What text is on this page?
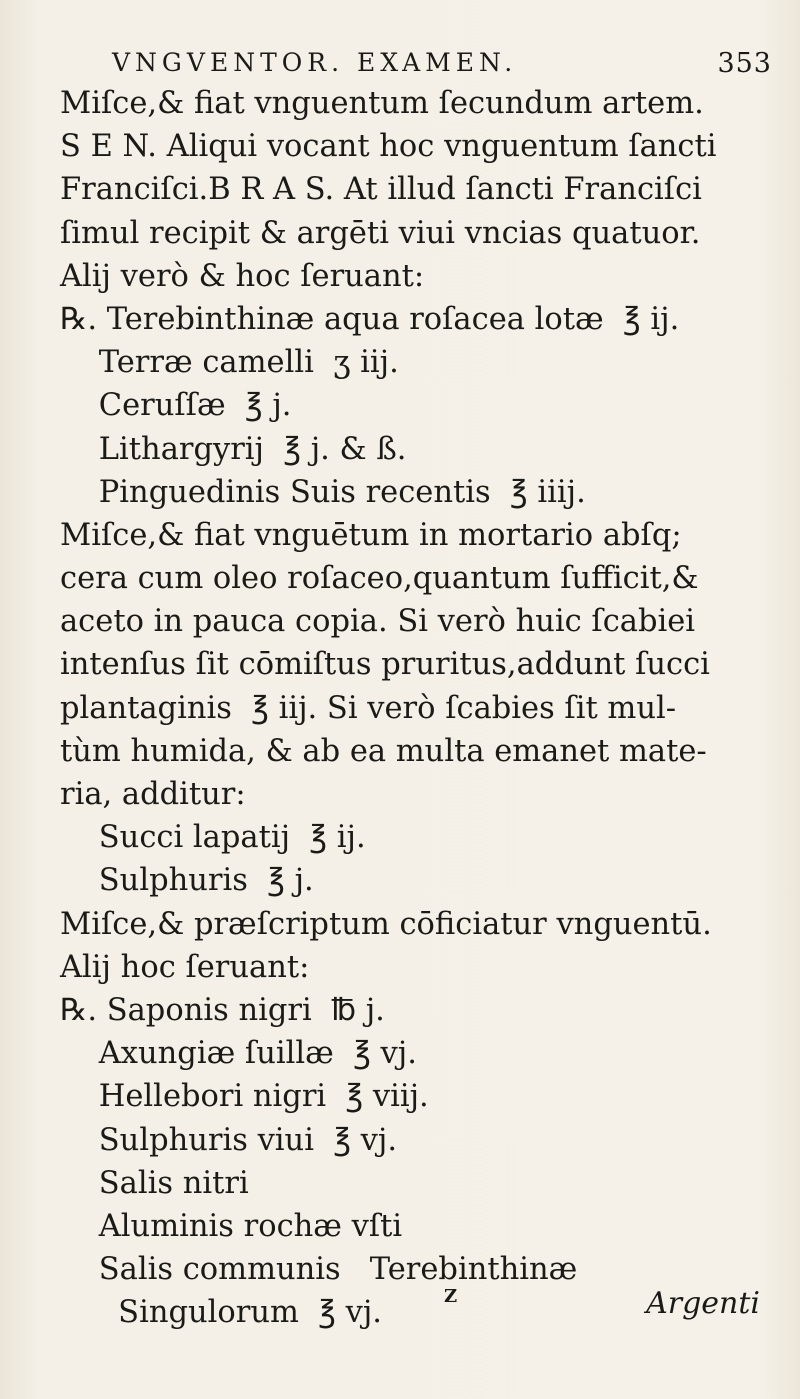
VNGVENTOR. EXAMEN.	353
Miſce,& fiat vnguentum ſecundum artem.
S E N. Aliqui vocant hoc vnguentum ſancti
Franciſci.B R A S. At illud ſancti Franciſci
ſimul recipit & argēti viui vncias quatuor.
Alij verò & hoc ſeruant:
℞. Terebinthinæ aqua roſacea lotæ  ℥ ij.
Terræ camelli  ʒ iij.
Ceruſſæ  ℥ j.
Lithargyrij  ℥ j. & ß.
Pinguedinis Suis recentis  ℥ iiij.
Miſce,& fiat vnguētum in mortario abſq;
cera cum oleo roſaceo,quantum ſufficit,&
aceto in pauca copia. Si verò huic ſcabiei
intenſus ſit cōmiſtus pruritus,addunt ſucci
plantaginis  ℥ iij. Si verò ſcabies ſit mul-
tùm humida, & ab ea multa emanet mate-
ria, additur:
Succi lapatij  ℥ ij.
Sulphuris  ℥ j.
Miſce,& præſcriptum cōficiatur vnguentū.
Alij hoc ſeruant:
℞. Saponis nigri  ℔ j.
Axungiæ ſuillæ  ℥ vj.
Hellebori nigri  ℥ viij.
Sulphuris viui  ℥ vj.
Salis nitri
Aluminis rochæ vſti
Salis communis   Terebinthinæ
Singulorum  ℥ vj.	Z	Argenti
